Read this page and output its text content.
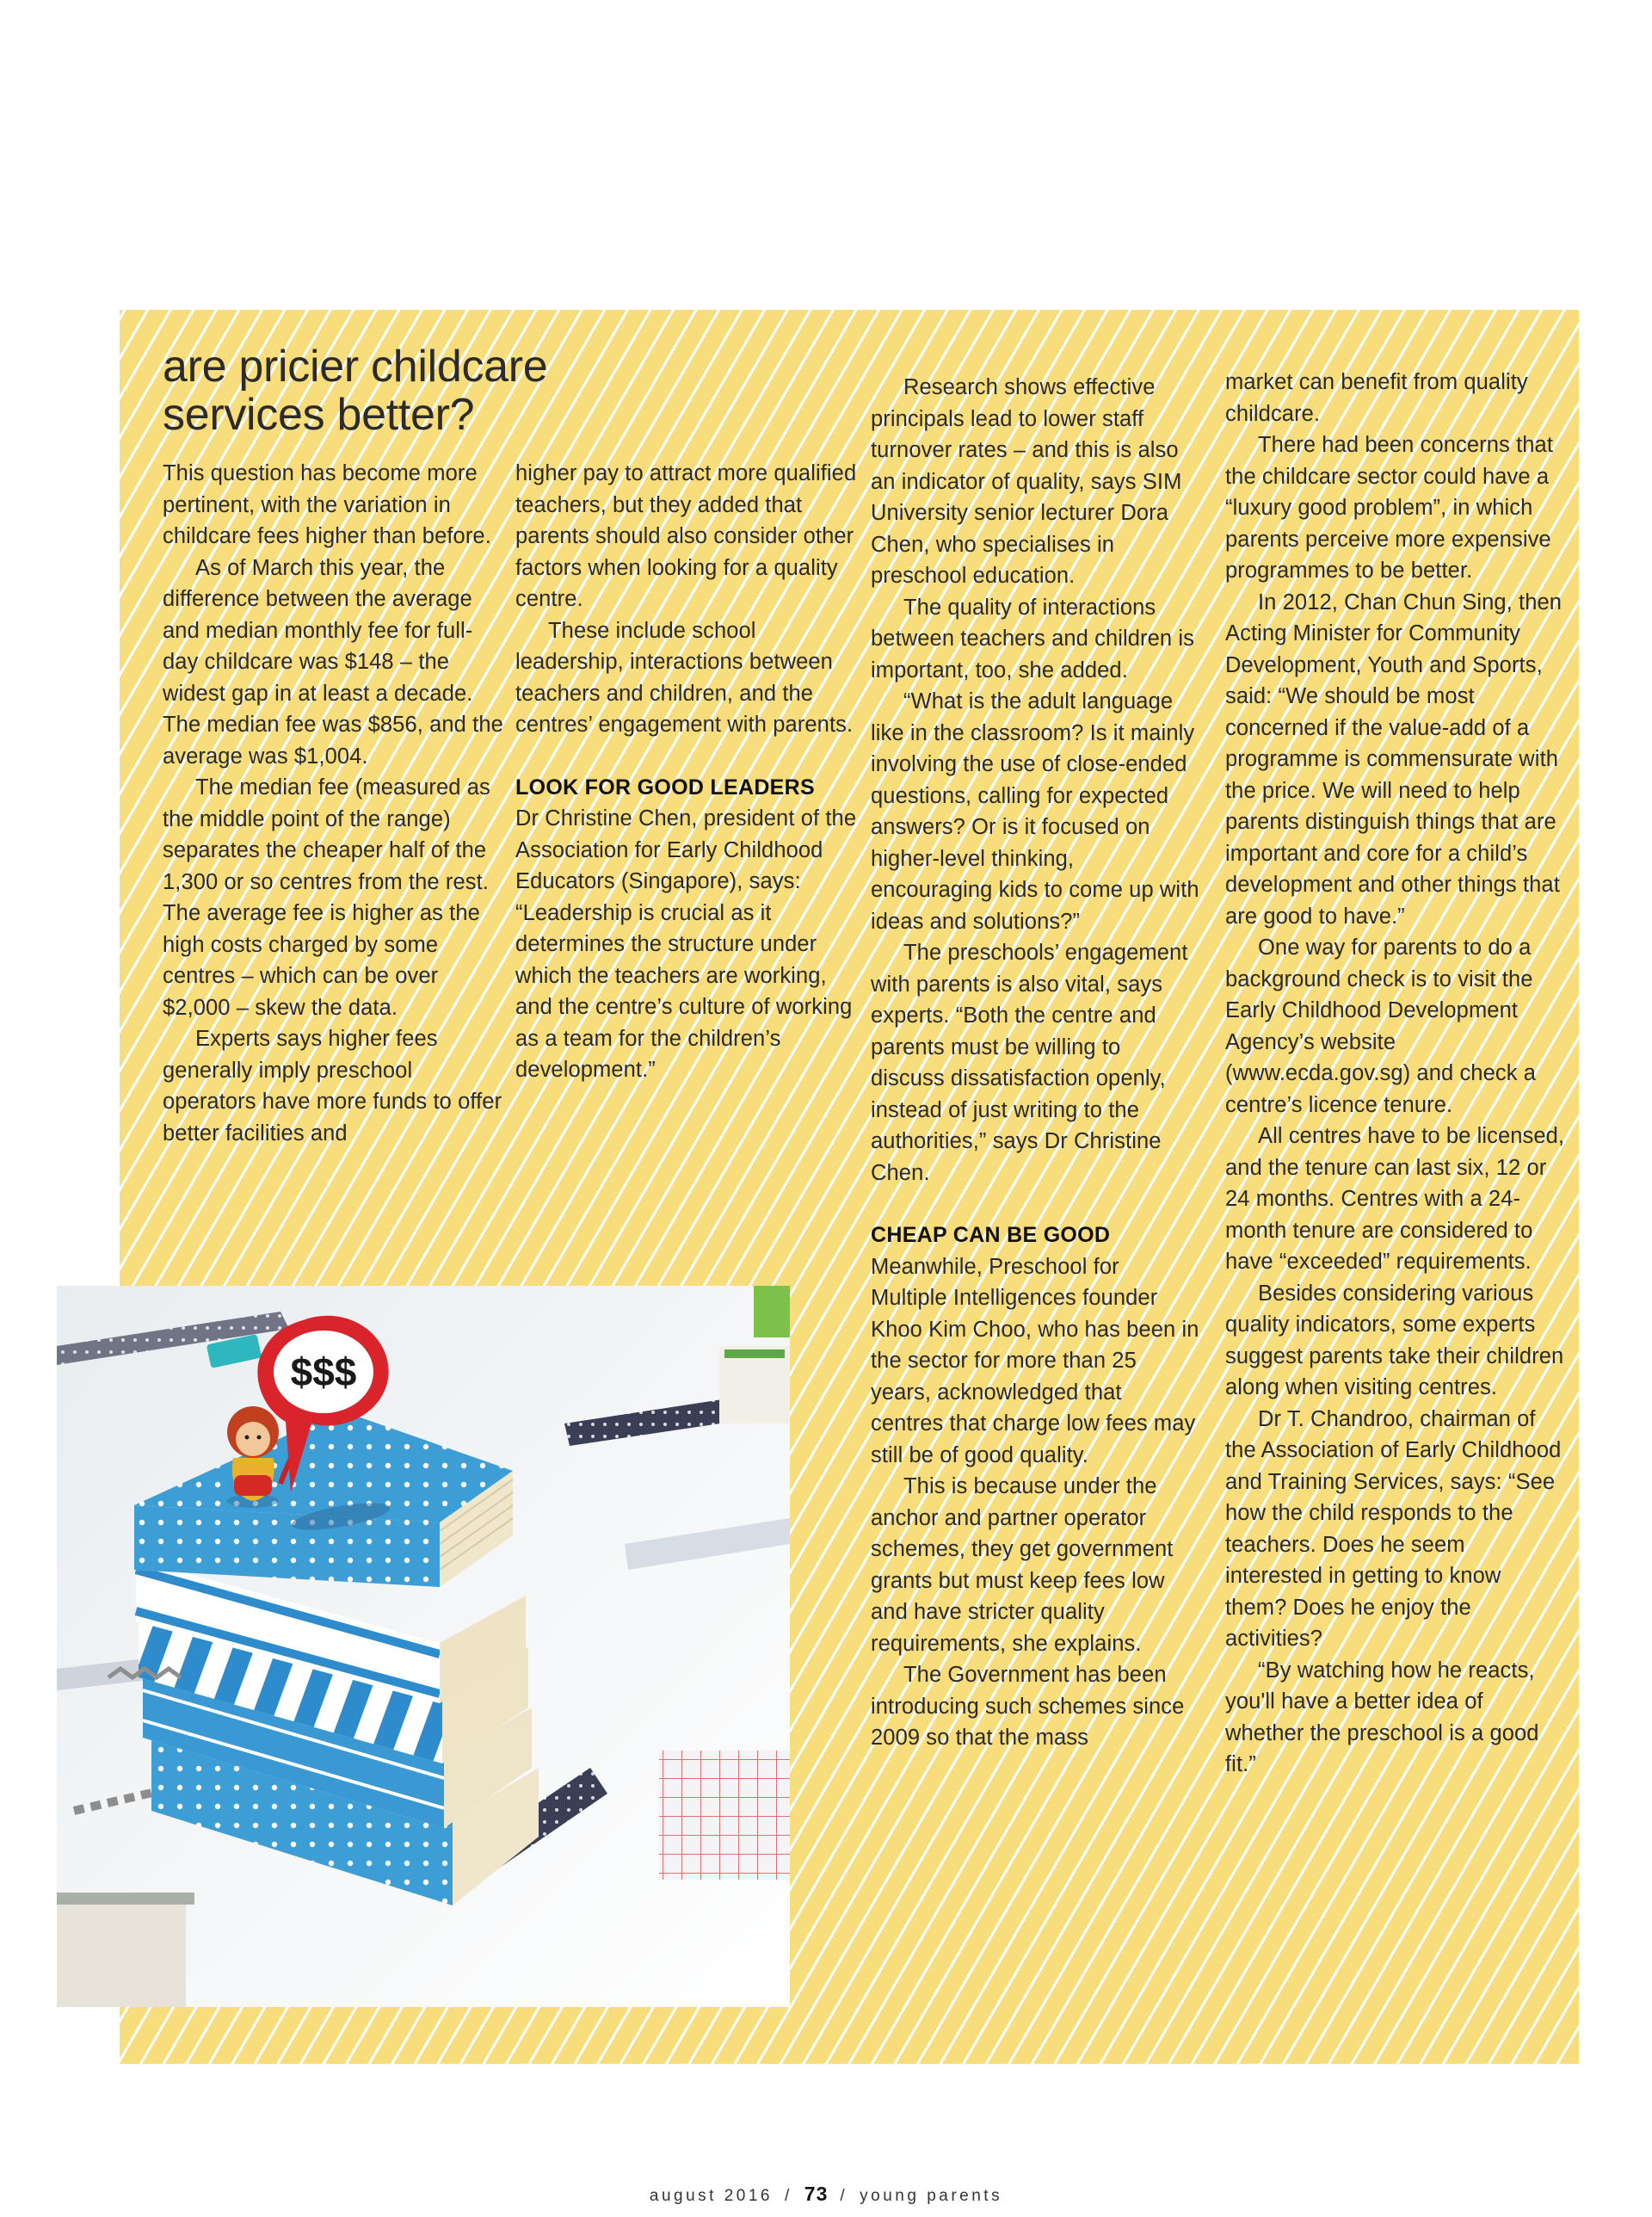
are pricier childcare
services better?

This question has become more pertinent, with the variation in childcare fees higher than before.

As of March this year, the difference between the average and median monthly fee for full-day childcare was $148 – the widest gap in at least a decade. The median fee was $856, and the average was $1,004.

The median fee (measured as the middle point of the range) separates the cheaper half of the 1,300 or so centres from the rest. The average fee is higher as the high costs charged by some centres – which can be over $2,000 – skew the data.

Experts says higher fees generally imply preschool operators have more funds to offer better facilities and

higher pay to attract more qualified teachers, but they added that parents should also consider other factors when looking for a quality centre.

These include school leadership, interactions between teachers and children, and the centres’ engagement with parents.

LOOK FOR GOOD LEADERS

Dr Christine Chen, president of the Association for Early Childhood Educators (Singapore), says: “Leadership is crucial as it determines the structure under which the teachers are working, and the centre’s culture of working as a team for the children’s development.”

Research shows effective principals lead to lower staff turnover rates – and this is also an indicator of quality, says SIM University senior lecturer Dora Chen, who specialises in preschool education.

The quality of interactions between teachers and children is important, too, she added.

“What is the adult language like in the classroom? Is it mainly involving the use of close-ended questions, calling for expected answers? Or is it focused on higher-level thinking, encouraging kids to come up with ideas and solutions?”

The preschools’ engagement with parents is also vital, says experts. “Both the centre and parents must be willing to discuss dissatisfaction openly, instead of just writing to the authorities,” says Dr Christine Chen.

CHEAP CAN BE GOOD

Meanwhile, Preschool for Multiple Intelligences founder Khoo Kim Choo, who has been in the sector for more than 25 years, acknowledged that centres that charge low fees may still be of good quality.

This is because under the anchor and partner operator schemes, they get government grants but must keep fees low and have stricter quality requirements, she explains.

The Government has been introducing such schemes since 2009 so that the mass

market can benefit from quality childcare.

There had been concerns that the childcare sector could have a “luxury good problem”, in which parents perceive more expensive programmes to be better.

In 2012, Chan Chun Sing, then Acting Minister for Community Development, Youth and Sports, said: “We should be most concerned if the value-add of a programme is commensurate with the price. We will need to help parents distinguish things that are important and core for a child’s development and other things that are good to have.”

One way for parents to do a background check is to visit the Early Childhood Development Agency’s website (www.ecda.gov.sg) and check a centre’s licence tenure.

All centres have to be licensed, and the tenure can last six, 12 or 24 months. Centres with a 24-month tenure are considered to have “exceeded” requirements.

Besides considering various quality indicators, some experts suggest parents take their children along when visiting centres.

Dr T. Chandroo, chairman of the Association of Early Childhood and Training Services, says: “See how the child responds to the teachers. Does he seem interested in getting to know them? Does he enjoy the activities?

“By watching how he reacts, you'll have a better idea of whether the preschool is a good fit.”

$$$
august 2016 / 73 / young parents
